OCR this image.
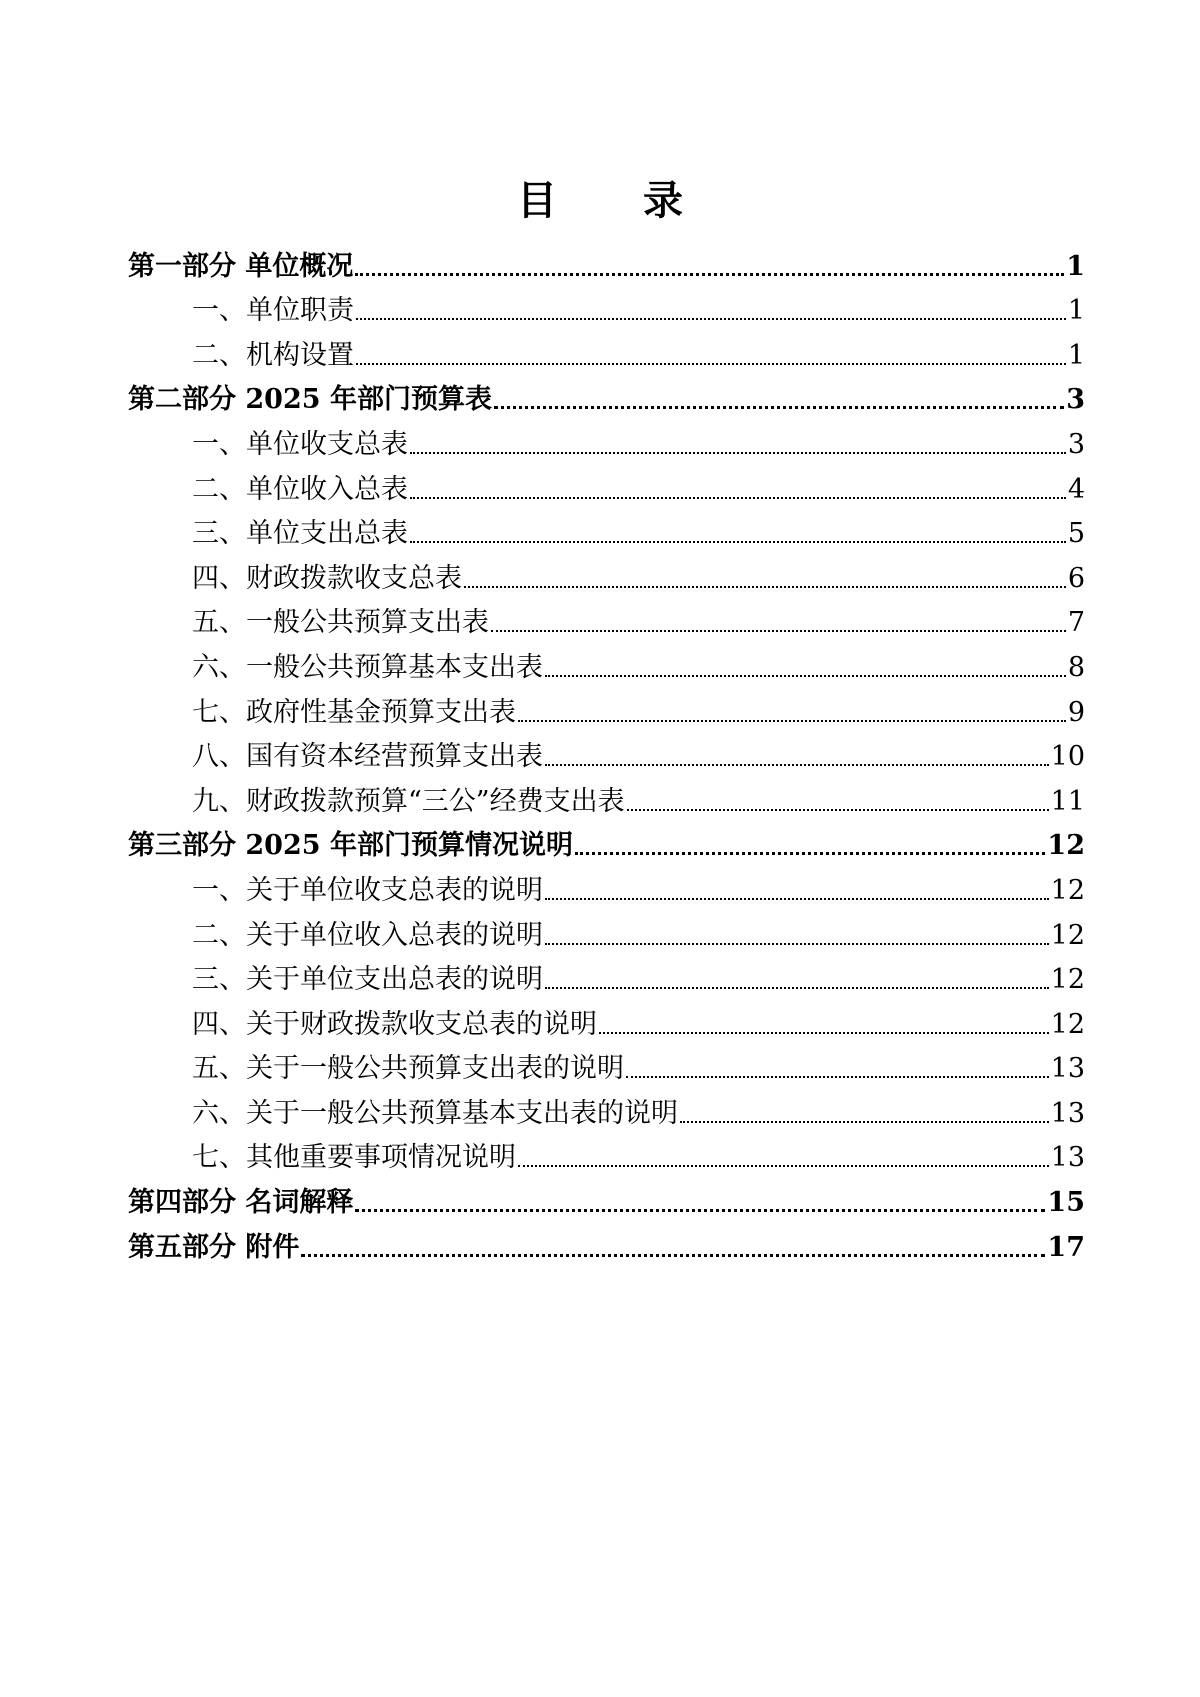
目 录
第一部分 单位概况	1
一、单位职责	1
二、机构设置	1
第二部分 2025 年部门预算表	3
一、单位收支总表	3
二、单位收入总表	4
三、单位支出总表	5
四、财政拨款收支总表	6
五、一般公共预算支出表	7
六、一般公共预算基本支出表	8
七、政府性基金预算支出表	9
八、国有资本经营预算支出表	10
九、财政拨款预算“三公”经费支出表	11
第三部分 2025 年部门预算情况说明	12
一、关于单位收支总表的说明	12
二、关于单位收入总表的说明	12
三、关于单位支出总表的说明	12
四、关于财政拨款收支总表的说明	12
五、关于一般公共预算支出表的说明	13
六、关于一般公共预算基本支出表的说明	13
七、其他重要事项情况说明	13
第四部分 名词解释	15
第五部分 附件	17
